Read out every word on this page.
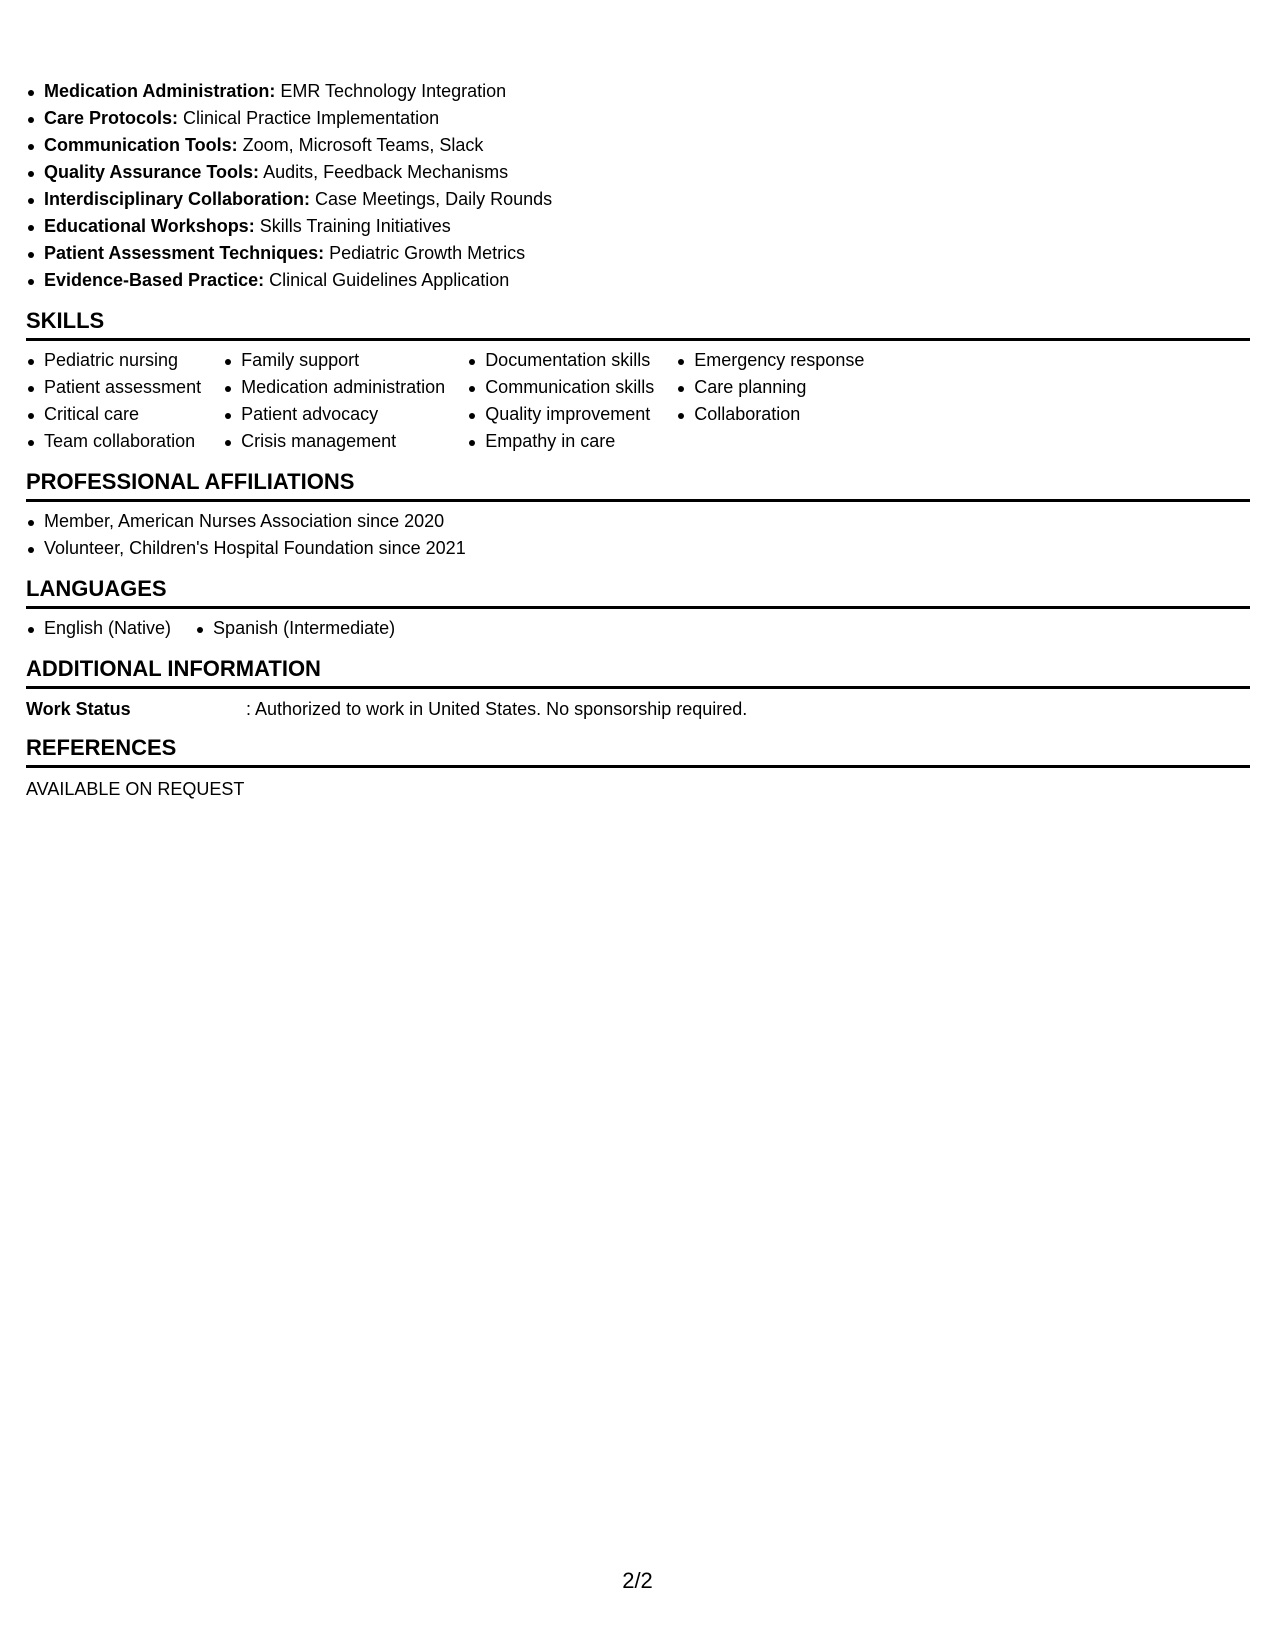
Medication Administration: EMR Technology Integration
Care Protocols: Clinical Practice Implementation
Communication Tools: Zoom, Microsoft Teams, Slack
Quality Assurance Tools: Audits, Feedback Mechanisms
Interdisciplinary Collaboration: Case Meetings, Daily Rounds
Educational Workshops: Skills Training Initiatives
Patient Assessment Techniques: Pediatric Growth Metrics
Evidence-Based Practice: Clinical Guidelines Application
SKILLS
Pediatric nursing
Patient assessment
Critical care
Team collaboration
Family support
Medication administration
Patient advocacy
Crisis management
Documentation skills
Communication skills
Quality improvement
Empathy in care
Emergency response
Care planning
Collaboration
PROFESSIONAL AFFILIATIONS
Member, American Nurses Association since 2020
Volunteer, Children's Hospital Foundation since 2021
LANGUAGES
English (Native)	Spanish (Intermediate)
ADDITIONAL INFORMATION
Work Status	: Authorized to work in United States. No sponsorship required.
REFERENCES
AVAILABLE ON REQUEST
2/2
